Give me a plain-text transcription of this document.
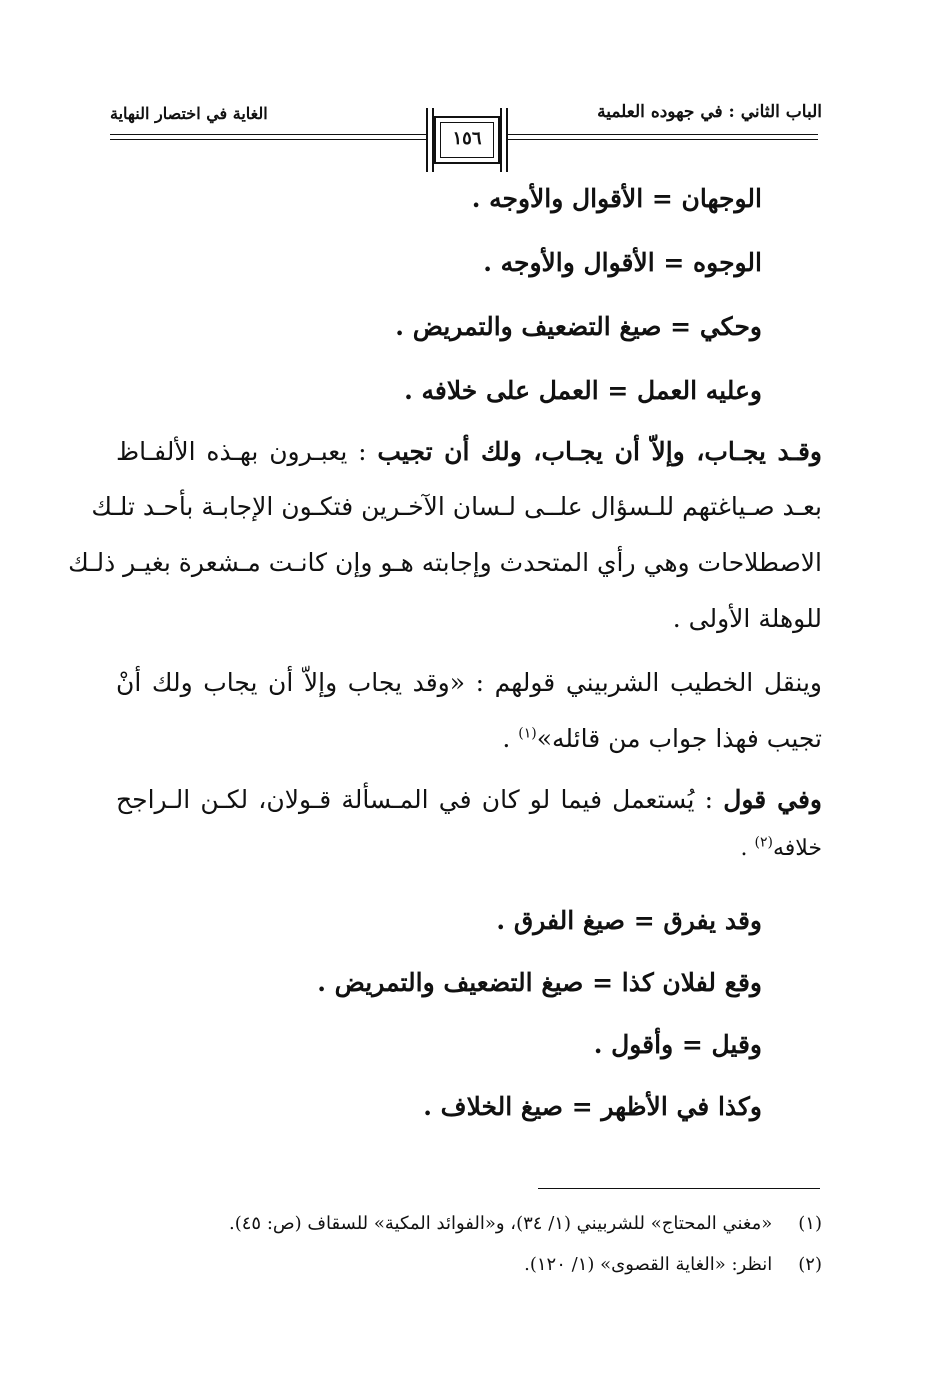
الباب الثاني : في جهوده العلمية
الغاية في اختصار النهاية
١٥٦
الوجهان = الأقوال والأوجه .
الوجوه = الأقوال والأوجه .
وحكي = صيغ التضعيف والتمريض .
وعليه العمل = العمل على خلافه .
وقـد يجـاب، وإلاّ أن يجـاب، ولك أن تجيب : يعبـرون بهـذه الألفـاظ
بعـد صـياغتهم للـسؤال علــى لـسان الآخـرين فتكـون الإجابـة بأحـد تلـك
الاصطلاحات وهي رأي المتحدث وإجابته هـو وإن كانـت مـشعرة بغيـر ذلـك
للوهلة الأولى .
وينقل الخطيب الشربيني قولهم : «وقد يجاب وإلاّ أن يجاب ولك أنْ
تجيب فهذا جواب من قائله»$^{(١)}$ .
وفي قول : يُستعمل فيما لو كان في المـسألة قـولان، لكـن الـراجح
خلافه$^{(٢)}$ .
وقد يفرق = صيغ الفرق .
وقع لفلان كذا = صيغ التضعيف والتمريض .
وقيل = وأقول .
وكذا في الأظهر = صيغ الخلاف .
(١) «مغني المحتاج» للشربيني (١/ ٣٤)، و«الفوائد المكية» للسقاف (ص: ٤٥).
(٢) انظر: «الغاية القصوى» (١/ ١٢٠).
